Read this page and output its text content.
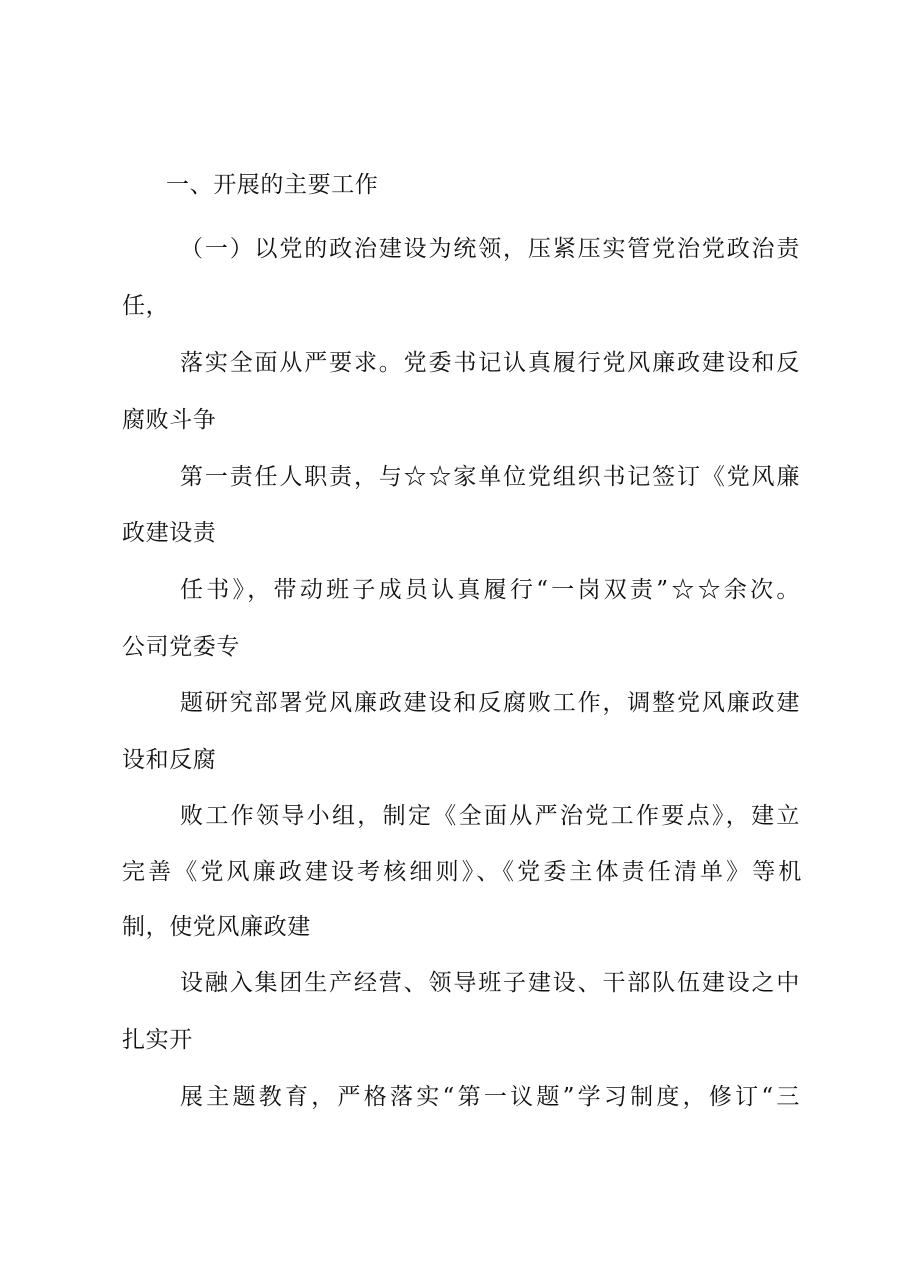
一、开展的主要工作
（一）以党的政治建设为统领，压紧压实管党治党政治责
任，
落实全面从严要求。党委书记认真履行党风廉政建设和反
腐败斗争
第一责任人职责，与☆☆家单位党组织书记签订《党风廉
政建设责
任书》，带动班子成员认真履行“一岗双责”☆☆余次。
公司党委专
题研究部署党风廉政建设和反腐败工作，调整党风廉政建
设和反腐
败工作领导小组，制定《全面从严治党工作要点》，建立
完善《党风廉政建设考核细则》、《党委主体责任清单》等机
制，使党风廉政建
设融入集团生产经营、领导班子建设、干部队伍建设之中
扎实开
展主题教育，严格落实“第一议题”学习制度，修订“三
